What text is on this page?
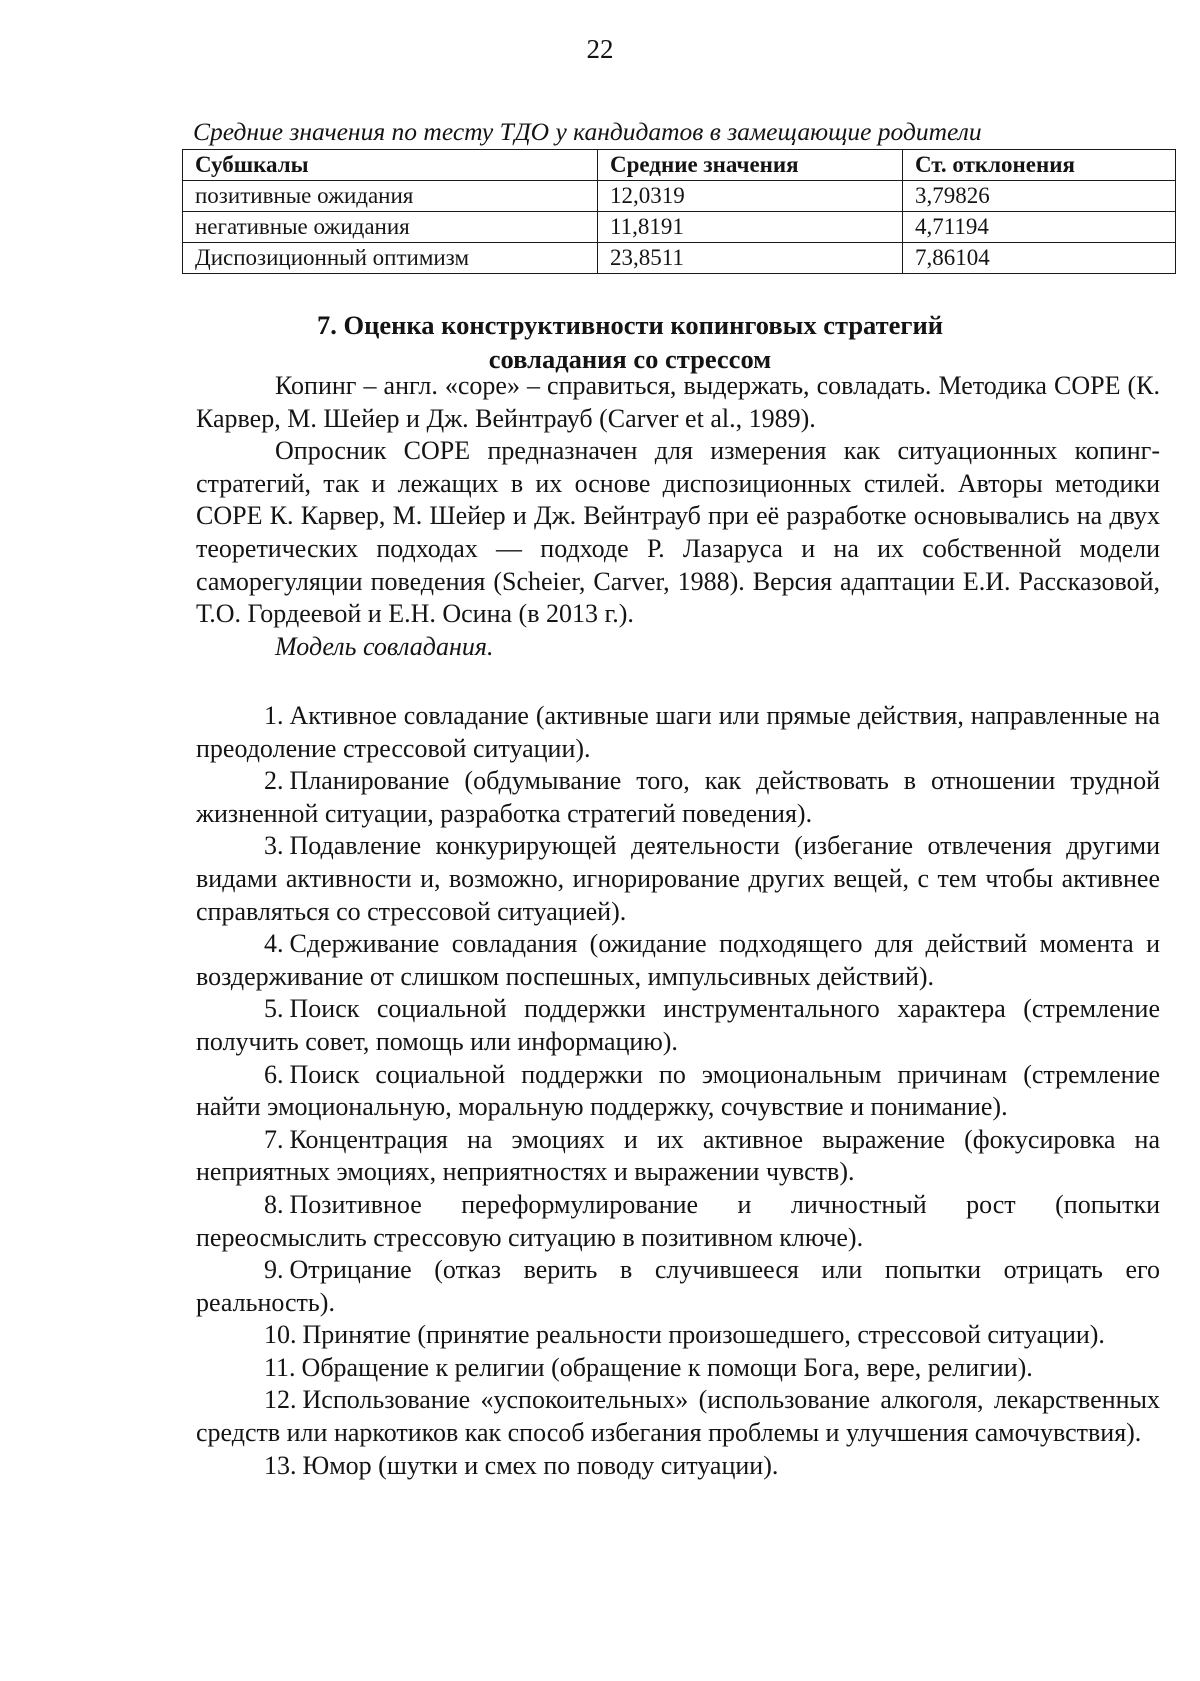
22
Средние значения по тесту ТДО у кандидатов в замещающие родители
Субшкалы	Средние значения	Ст. отклонения
позитивные ожидания	12,0319	3,79826
негативные ожидания	11,8191	4,71194
Диспозиционный оптимизм	23,8511	7,86104
7. Оценка конструктивности копинговых стратегий
совладания со стрессом

Копинг – англ. «cope» – справиться, выдержать, совладать. Методика COPE (К. Карвер, М. Шейер и Дж. Вейнтрауб (Carver et al., 1989).

Опросник COPE предназначен для измерения как ситуационных копинг-стратегий, так и лежащих в их основе диспозиционных стилей. Авторы методики COPE К. Карвер, М. Шейер и Дж. Вейнтрауб при её разработке основывались на двух теоретических подходах — подходе Р. Лазаруса и на их собственной модели саморегуляции поведения (Scheier, Carver, 1988). Версия адаптации Е.И. Рассказовой, Т.О. Гордеевой и Е.Н. Осина (в 2013 г.).

Модель совладания.

1. Активное совладание (активные шаги или прямые действия, направленные на преодоление стрессовой ситуации).

2. Планирование (обдумывание того, как действовать в отношении трудной жизненной ситуации, разработка стратегий поведения).

3. Подавление конкурирующей деятельности (избегание отвлечения другими видами активности и, возможно, игнорирование других вещей, с тем чтобы активнее справляться со стрессовой ситуацией).

4. Сдерживание совладания (ожидание подходящего для действий момента и воздерживание от слишком поспешных, импульсивных действий).

5. Поиск социальной поддержки инструментального характера (стремление получить совет, помощь или информацию).

6. Поиск социальной поддержки по эмоциональным причинам (стремление найти эмоциональную, моральную поддержку, сочувствие и понимание).

7. Концентрация на эмоциях и их активное выражение (фокусировка на неприятных эмоциях, неприятностях и выражении чувств).

8. Позитивное переформулирование и личностный рост (попытки переосмыслить стрессовую ситуацию в позитивном ключе).

9. Отрицание (отказ верить в случившееся или попытки отрицать его реальность).

10. Принятие (принятие реальности произошедшего, стрессовой ситуации).

11. Обращение к религии (обращение к помощи Бога, вере, религии).

12. Использование «успокоительных» (использование алкоголя, лекарственных средств или наркотиков как способ избегания проблемы и улучшения самочувствия).

13. Юмор (шутки и смех по поводу ситуации).
